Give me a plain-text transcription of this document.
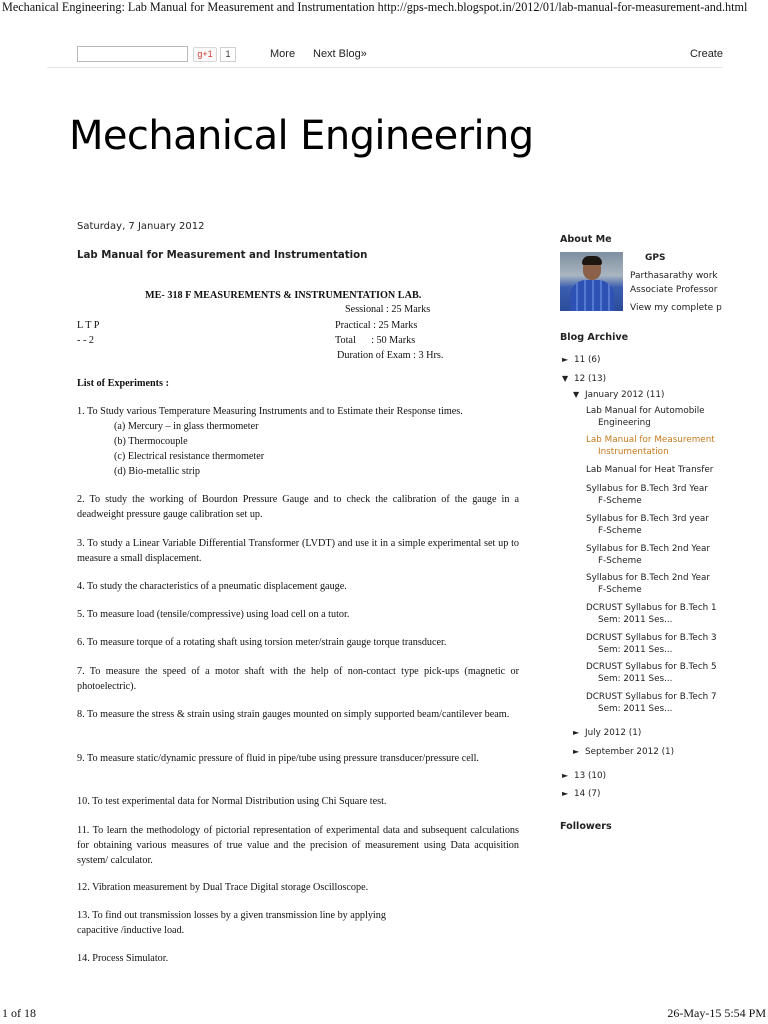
Mechanical Engineering: Lab Manual for Measurement and Instrumentation http://gps-mech.blogspot.in/2012/01/lab-manual-for-measurement-and.html
g+1	1	More Next Blog»	Create
Mechanical Engineering
Saturday, 7 January 2012
Lab Manual for Measurement and Instrumentation
ME- 318 F MEASUREMENTS & INSTRUMENTATION LAB.
Sessional : 25 Marks
L T P	Practical : 25 Marks
- - 2	Total      : 50 Marks
Duration of Exam : 3 Hrs.
List of Experiments :
1. To Study various Temperature Measuring Instruments and to Estimate their Response times.
(a) Mercury – in glass thermometer
(b) Thermocouple
(c) Electrical resistance thermometer
(d) Bio-metallic strip
2. To study the working of Bourdon Pressure Gauge and to check the calibration of the gauge in a deadweight pressure gauge calibration set up.
3. To study a Linear Variable Differential Transformer (LVDT) and use it in a simple experimental set up to measure a small displacement.
4. To study the characteristics of a pneumatic displacement gauge.
5. To measure load (tensile/compressive) using load cell on a tutor.
6. To measure torque of a rotating shaft using torsion meter/strain gauge torque transducer.
7. To measure the speed of a motor shaft with the help of non-contact type pick-ups (magnetic or photoelectric).
8. To measure the stress & strain using strain gauges mounted on simply supported beam/cantilever beam.
9. To measure static/dynamic pressure of fluid in pipe/tube using pressure transducer/pressure cell.
10. To test experimental data for Normal Distribution using Chi Square test.
11. To learn the methodology of pictorial representation of experimental data and subsequent calculations for obtaining various measures of true value and the precision of measurement using Data acquisition system/ calculator.
12. Vibration measurement by Dual Trace Digital storage Oscilloscope.
13. To find out transmission losses by a given transmission line by applying
capacitive /inductive load.
14. Process Simulator.
About Me
GPS
Parthasarathy work
Associate Professor
View my complete p
Blog Archive
► 11 (6)
▼ 12 (13)
▼ January 2012 (11)
Lab Manual for Automobile
Engineering
Lab Manual for Measurement
Instrumentation
Lab Manual for Heat Transfer
Syllabus for B.Tech 3rd Year
F-Scheme
Syllabus for B.Tech 3rd year
F-Scheme
Syllabus for B.Tech 2nd Year
F-Scheme
Syllabus for B.Tech 2nd Year
F-Scheme
DCRUST Syllabus for B.Tech 1
Sem: 2011 Ses...
DCRUST Syllabus for B.Tech 3
Sem: 2011 Ses...
DCRUST Syllabus for B.Tech 5
Sem: 2011 Ses...
DCRUST Syllabus for B.Tech 7
Sem: 2011 Ses...
► July 2012 (1)
► September 2012 (1)
► 13 (10)
► 14 (7)
Followers
1 of 18	26-May-15 5:54 PM
